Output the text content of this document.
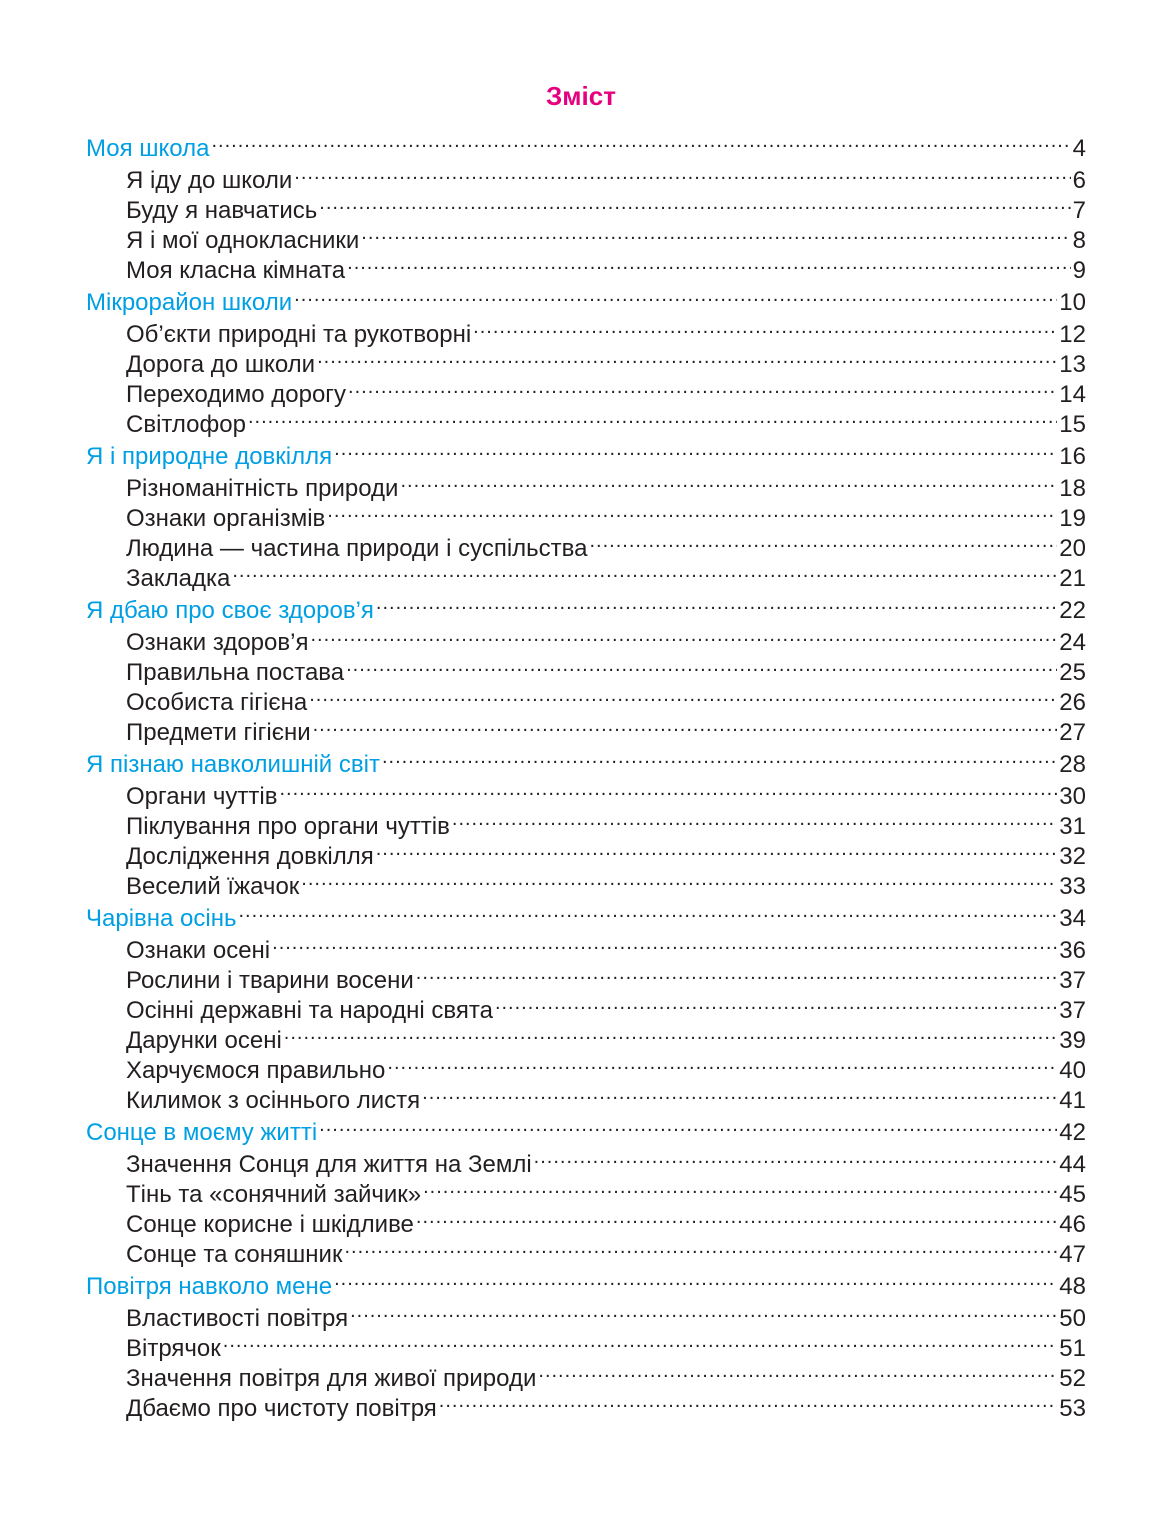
Зміст
Моя школа .....	4
Я іду до школи .....	6
Буду я навчатись .....	7
Я і мої однокласники .....	8
Моя класна кімната .....	9
Мікрорайон школи .....	10
Об’єкти природні та рукотворні .....	12
Дорога до школи .....	13
Переходимо дорогу .....	14
Світлофор .....	15
Я і природне довкілля .....	16
Різноманітність природи .....	18
Ознаки організмів .....	19
Людина — частина природи і суспільства .....	20
Закладка .....	21
Я дбаю про своє здоров’я .....	22
Ознаки здоров’я .....	24
Правильна постава .....	25
Особиста гігієна .....	26
Предмети гігієни .....	27
Я пізнаю навколишній світ .....	28
Органи чуттів .....	30
Піклування про органи чуттів .....	31
Дослідження довкілля .....	32
Веселий їжачок .....	33
Чарівна осінь .....	34
Ознаки осені .....	36
Рослини і тварини восени .....	37
Осінні державні та народні свята .....	37
Дарунки осені .....	39
Харчуємося правильно .....	40
Килимок з осіннього листя .....	41
Сонце в моєму житті .....	42
Значення Сонця для життя на Землі .....	44
Тінь та «сонячний зайчик» .....	45
Сонце корисне і шкідливе .....	46
Сонце та соняшник .....	47
Повітря навколо мене .....	48
Властивості повітря .....	50
Вітрячок .....	51
Значення повітря для живої природи .....	52
Дбаємо про чистоту повітря .....	53
